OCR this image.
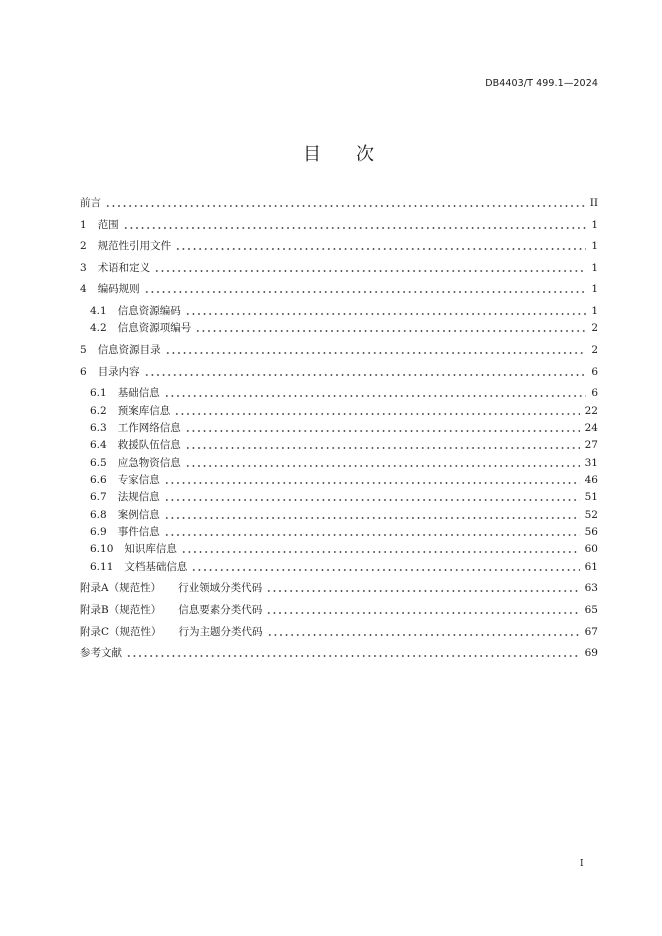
DB4403/T 499.1—2024
目　次
前言	II
1 范围	1
2 规范性引用文件	1
3 术语和定义	1
4 编码规则	1
4.1 信息资源编码	1
4.2 信息资源项编号	2
5 信息资源目录	2
6 目录内容	6
6.1 基础信息	6
6.2 预案库信息	22
6.3 工作网络信息	24
6.4 救援队伍信息	27
6.5 应急物资信息	31
6.6 专家信息	46
6.7 法规信息	51
6.8 案例信息	52
6.9 事件信息	56
6.10 知识库信息	60
6.11 文档基础信息	61
附录A（规范性） 行业领域分类代码	63
附录B（规范性） 信息要素分类代码	65
附录C（规范性） 行为主题分类代码	67
参考文献	69
I
